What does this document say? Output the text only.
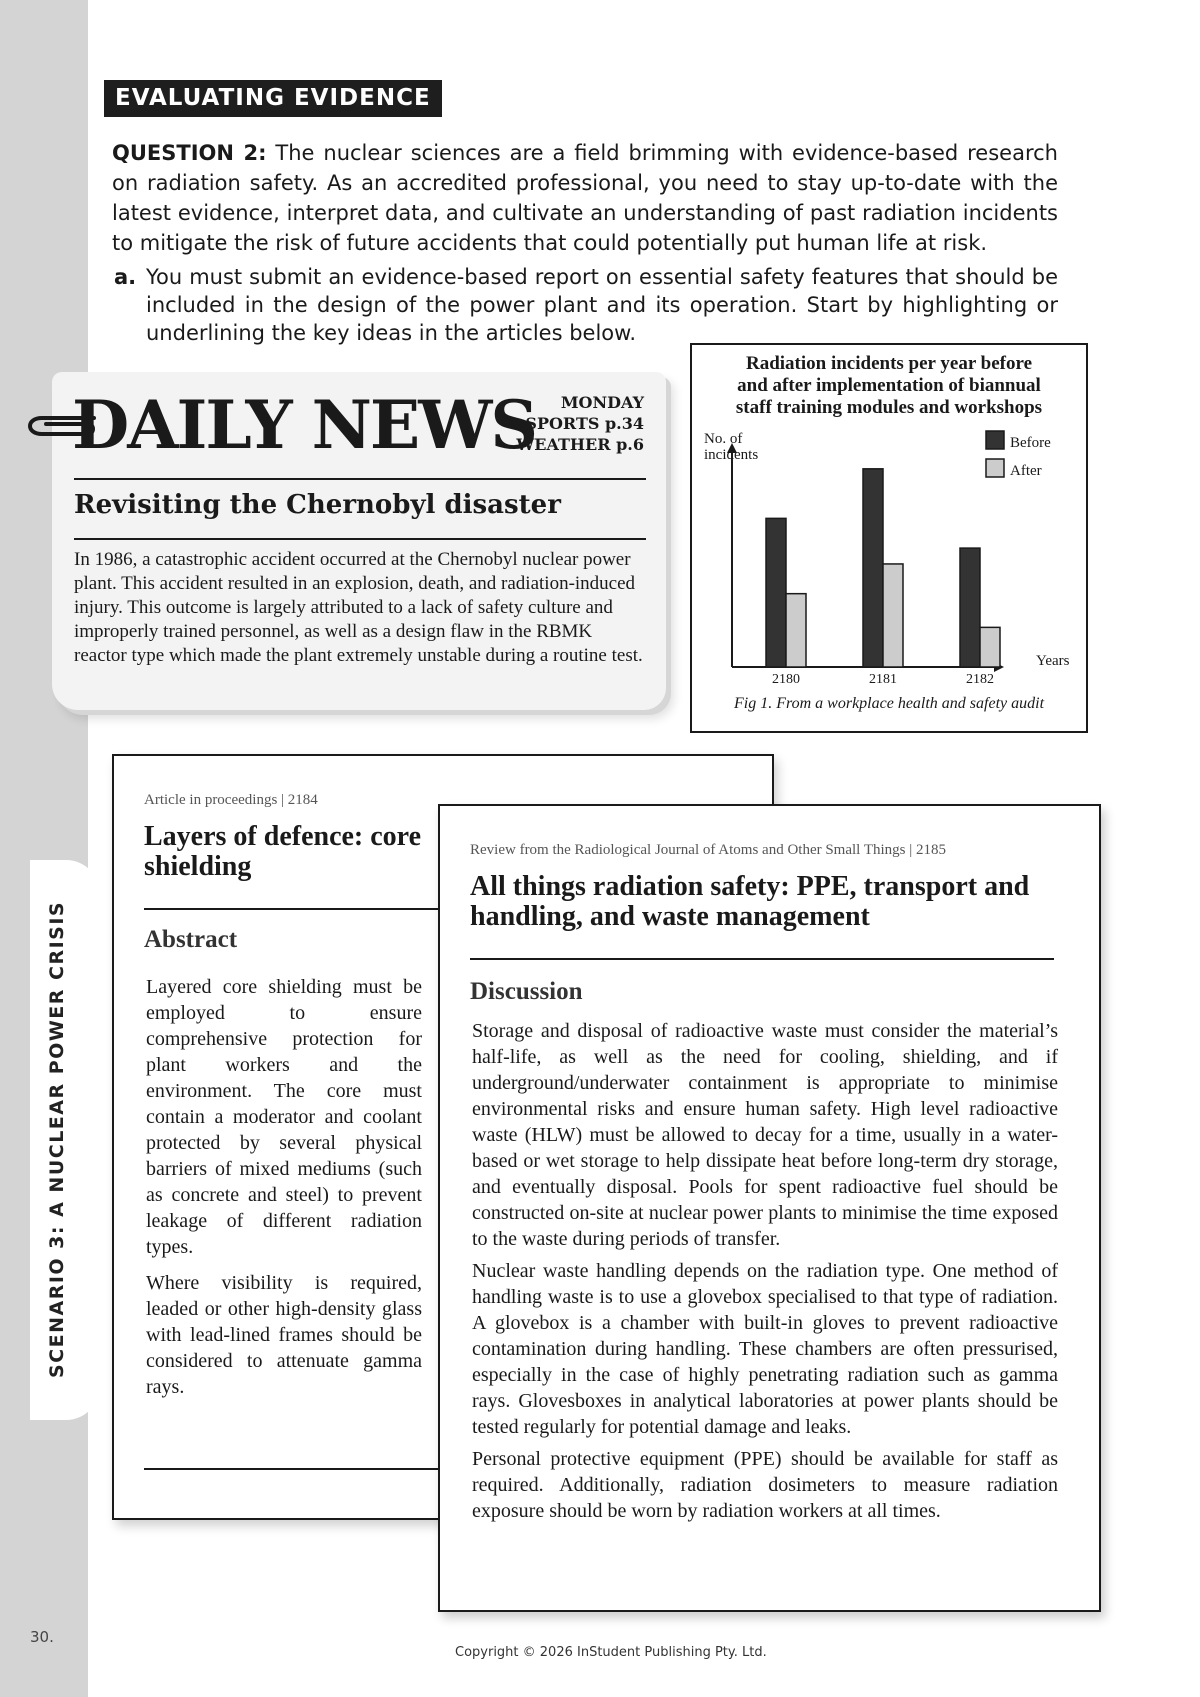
SCENARIO 3: A NUCLEAR POWER CRISIS
30.
EVALUATING EVIDENCE
QUESTION 2: The nuclear sciences are a field brimming with evidence-based research on radiation safety. As an accredited professional, you need to stay up-to-date with the latest evidence, interpret data, and cultivate an understanding of past radiation incidents to mitigate the risk of future accidents that could potentially put human life at risk.
a. You must submit an evidence-based report on essential safety features that should be included in the design of the power plant and its operation. Start by highlighting or underlining the key ideas in the articles below.
DAILY NEWS	MONDAY
SPORTS p.34
WEATHER p.6
Revisiting the Chernobyl disaster
In 1986, a catastrophic accident occurred at the Chernobyl nuclear power plant. This accident resulted in an explosion, death, and radiation-induced injury. This outcome is largely attributed to a lack of safety culture and improperly trained personnel, as well as a design flaw in the RBMK reactor type which made the plant extremely unstable during a routine test.
Radiation incidents per year before
and after implementation of biannual
staff training modules and workshops
No. of
incidents
Years
2180	2181	2182
Before
After
Fig 1. From a workplace health and safety audit
Article in proceedings | 2184
Layers of defence: core shielding
Abstract

Layered core shielding must be employed to ensure comprehensive protection for plant workers and the environment. The core must contain a moderator and coolant protected by several physical barriers of mixed mediums (such as concrete and steel) to prevent leakage of different radiation types.

Where visibility is required, leaded or other high-density glass with lead-lined frames should be considered to attenuate gamma rays.

Review from the Radiological Journal of Atoms and Other Small Things | 2185
All things radiation safety: PPE, transport and handling, and waste management
Discussion

Storage and disposal of radioactive waste must consider the material’s half-life, as well as the need for cooling, shielding, and if underground/underwater containment is appropriate to minimise environmental risks and ensure human safety. High level radioactive waste (HLW) must be allowed to decay for a time, usually in a water-based or wet storage to help dissipate heat before long-term dry storage, and eventually disposal. Pools for spent radioactive fuel should be constructed on-site at nuclear power plants to minimise the time exposed to the waste during periods of transfer.

Nuclear waste handling depends on the radiation type. One method of handling waste is to use a glovebox specialised to that type of radiation. A glovebox is a chamber with built-in gloves to prevent radioactive contamination during handling. These chambers are often pressurised, especially in the case of highly penetrating radiation such as gamma rays. Glovesboxes in analytical laboratories at power plants should be tested regularly for potential damage and leaks.

Personal protective equipment (PPE) should be available for staff as required. Additionally, radiation dosimeters to measure radiation exposure should be worn by radiation workers at all times.

Copyright © 2026 InStudent Publishing Pty. Ltd.
